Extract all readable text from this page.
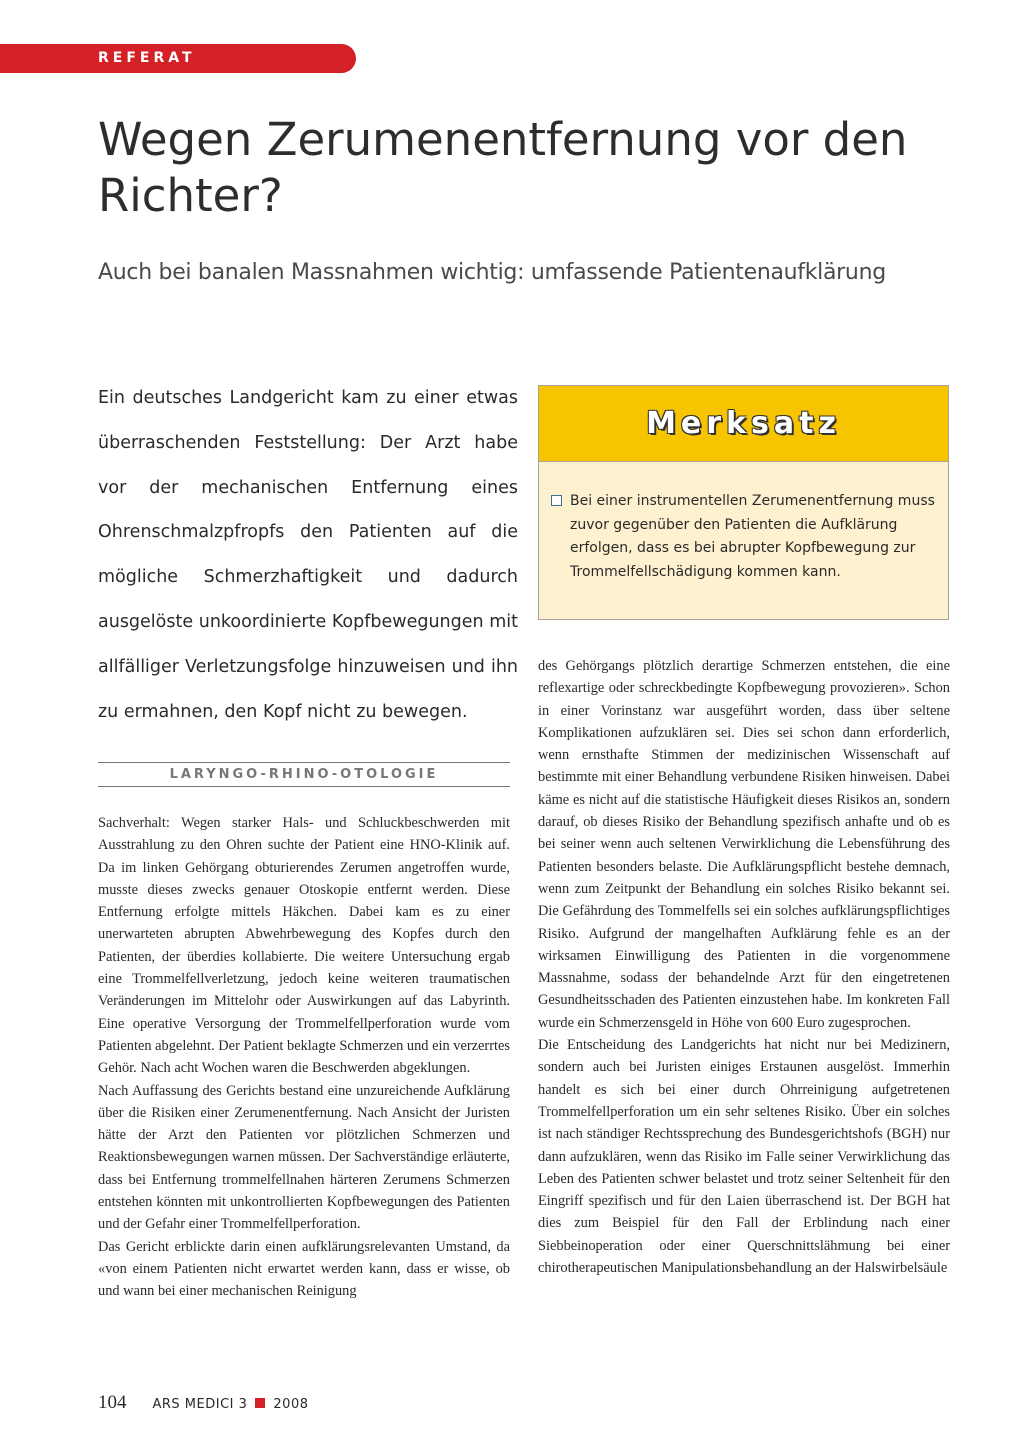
REFERAT
Wegen Zerumenentfernung vor den Richter?

Auch bei banalen Massnahmen wichtig: umfassende Patientenaufklärung

Ein deutsches Landgericht kam zu einer etwas überraschenden Feststellung: Der Arzt habe vor der mechanischen Entfernung eines Ohrenschmalzpfropfs den Patienten auf die mögliche Schmerzhaftigkeit und dadurch ausgelöste unkoordinierte Kopfbewegungen mit allfälliger Verletzungsfolge hinzuweisen und ihn zu ermahnen, den Kopf nicht zu bewegen.

LARYNGO-RHINO-OTOLOGIE

Sachverhalt: Wegen starker Hals- und Schluckbeschwerden mit Ausstrahlung zu den Ohren suchte der Patient eine HNO-Klinik auf. Da im linken Gehörgang obturierendes Zerumen angetroffen wurde, musste dieses zwecks genauer Otoskopie entfernt werden. Diese Entfernung erfolgte mittels Häkchen. Dabei kam es zu einer unerwarteten abrupten Abwehrbewegung des Kopfes durch den Patienten, der überdies kollabierte. Die weitere Untersuchung ergab eine Trommelfellverletzung, jedoch keine weiteren traumatischen Veränderungen im Mittelohr oder Auswirkungen auf das Labyrinth. Eine operative Versorgung der Trommelfellperforation wurde vom Patienten abgelehnt. Der Patient beklagte Schmerzen und ein verzerrtes Gehör. Nach acht Wochen waren die Beschwerden abgeklungen.

Nach Auffassung des Gerichts bestand eine unzureichende Aufklärung über die Risiken einer Zerumenentfernung. Nach Ansicht der Juristen hätte der Arzt den Patienten vor plötzlichen Schmerzen und Reaktionsbewegungen warnen müssen. Der Sachverständige erläuterte, dass bei Entfernung trommelfellnahen härteren Zerumens Schmerzen entstehen könnten mit unkontrollierten Kopfbewegungen des Patienten und der Gefahr einer Trommelfellperforation.

Das Gericht erblickte darin einen aufklärungsrelevanten Umstand, da «von einem Patienten nicht erwartet werden kann, dass er wisse, ob und wann bei einer mechanischen Reinigung

Merksatz
Bei einer instrumentellen Zerumenentfernung muss zuvor gegenüber den Patienten die Aufklärung erfolgen, dass es bei abrupter Kopfbewegung zur Trommelfellschädigung kommen kann.

des Gehörgangs plötzlich derartige Schmerzen entstehen, die eine reflexartige oder schreckbedingte Kopfbewegung provozieren». Schon in einer Vorinstanz war ausgeführt worden, dass über seltene Komplikationen aufzuklären sei. Dies sei schon dann erforderlich, wenn ernsthafte Stimmen der medizinischen Wissenschaft auf bestimmte mit einer Behandlung verbundene Risiken hinweisen. Dabei käme es nicht auf die statistische Häufigkeit dieses Risikos an, sondern darauf, ob dieses Risiko der Behandlung spezifisch anhafte und ob es bei seiner wenn auch seltenen Verwirklichung die Lebensführung des Patienten besonders belaste. Die Aufklärungspflicht bestehe demnach, wenn zum Zeitpunkt der Behandlung ein solches Risiko bekannt sei. Die Gefährdung des Tommelfells sei ein solches aufklärungspflichtiges Risiko. Aufgrund der mangelhaften Aufklärung fehle es an der wirksamen Einwilligung des Patienten in die vorgenommene Massnahme, sodass der behandelnde Arzt für den eingetretenen Gesundheitsschaden des Patienten einzustehen habe. Im konkreten Fall wurde ein Schmerzensgeld in Höhe von 600 Euro zugesprochen.

Die Entscheidung des Landgerichts hat nicht nur bei Medizinern, sondern auch bei Juristen einiges Erstaunen ausgelöst. Immerhin handelt es sich bei einer durch Ohrreinigung aufgetretenen Trommelfellperforation um ein sehr seltenes Risiko. Über ein solches ist nach ständiger Rechtssprechung des Bundesgerichtshofs (BGH) nur dann aufzuklären, wenn das Risiko im Falle seiner Verwirklichung das Leben des Patienten schwer belastet und trotz seiner Seltenheit für den Eingriff spezifisch und für den Laien überraschend ist. Der BGH hat dies zum Beispiel für den Fall der Erblindung nach einer Siebbeinoperation oder einer Querschnittslähmung bei einer chirotherapeutischen Manipulationsbehandlung an der Halswirbelsäule

104 ARS MEDICI 3 2008
